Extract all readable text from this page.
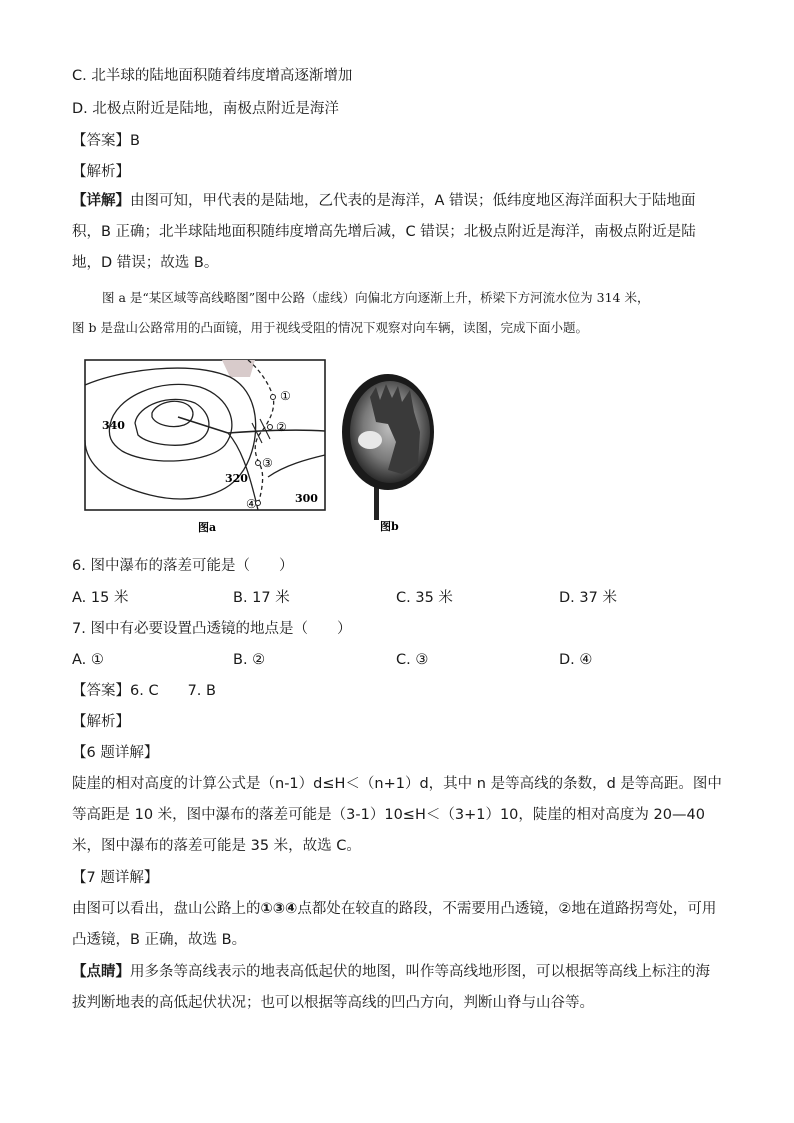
C. 北半球的陆地面积随着纬度增高逐渐增加
D. 北极点附近是陆地，南极点附近是海洋
【答案】B
【解析】
【详解】由图可知，甲代表的是陆地，乙代表的是海洋，A 错误；低纬度地区海洋面积大于陆地面积，B 正确；北半球陆地面积随纬度增高先增后减，C 错误；北极点附近是海洋，南极点附近是陆地，D 错误；故选 B。
图 a 是“某区域等高线略图”图中公路（虚线）向偏北方向逐渐上升，桥梁下方河流水位为 314 米，
图 b 是盘山公路常用的凸面镜，用于视线受阻的情况下观察对向车辆，读图，完成下面小题。
①
②
③
④
340
320
300
图a	图b
6. 图中瀑布的落差可能是（　　）
A. 15 米	B. 17 米	C. 35 米	D. 37 米
7. 图中有必要设置凸透镜的地点是（　　）
A. ①	B. ②	C. ③	D. ④
【答案】6. C　　7. B
【解析】
【6 题详解】
陡崖的相对高度的计算公式是（n-1）d≤H＜（n+1）d，其中 n 是等高线的条数，d 是等高距。图中等高距是 10 米，图中瀑布的落差可能是（3-1）10≤H＜（3+1）10，陡崖的相对高度为 20—40 米，图中瀑布的落差可能是 35 米，故选 C。
【7 题详解】
由图可以看出，盘山公路上的①③④点都处在较直的路段，不需要用凸透镜，②地在道路拐弯处，可用凸透镜，B 正确，故选 B。
【点睛】用多条等高线表示的地表高低起伏的地图，叫作等高线地形图，可以根据等高线上标注的海拔判断地表的高低起伏状况；也可以根据等高线的凹凸方向，判断山脊与山谷等。
